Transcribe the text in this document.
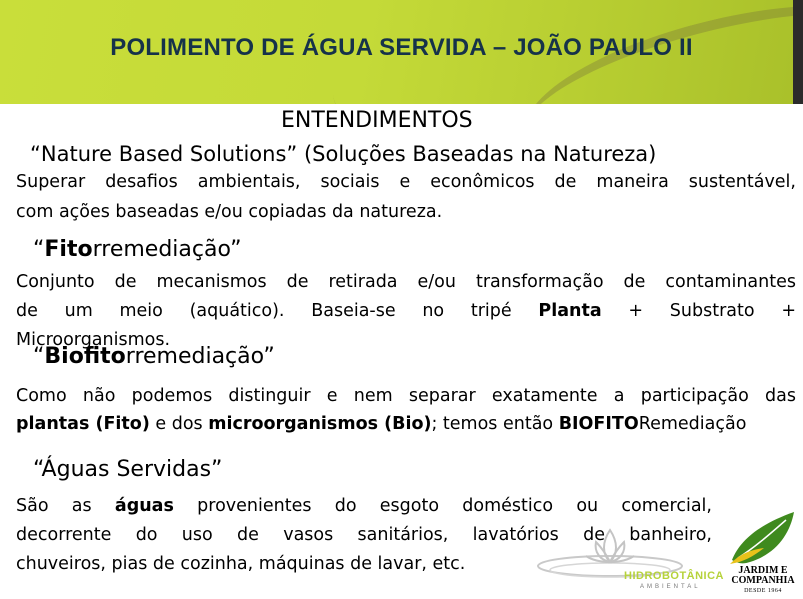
POLIMENTO DE ÁGUA SERVIDA – JOÃO PAULO II
ENTENDIMENTOS
“Nature Based Solutions” (Soluções Baseadas na Natureza)
Superar desafios ambientais, sociais e econômicos de maneira sustentável,
com ações baseadas e/ou copiadas da natureza.
“Fitorremediação”
Conjunto de mecanismos de retirada e/ou transformação de contaminantes
de um meio (aquático). Baseia-se no tripé Planta + Substrato +
Microorganismos.
“Biofitorremediação”
Como não podemos distinguir e nem separar exatamente a participação das
plantas (Fito) e dos microorganismos (Bio); temos então BIOFITORemediação
“Águas Servidas”
São as águas provenientes do esgoto doméstico ou comercial,
decorrente do uso de vasos sanitários, lavatórios de banheiro,
chuveiros, pias de cozinha, máquinas de lavar, etc.
HIDROBOTÂNICA
AMBIENTAL
JARDIM E
COMPANHIA
DESDE 1964
